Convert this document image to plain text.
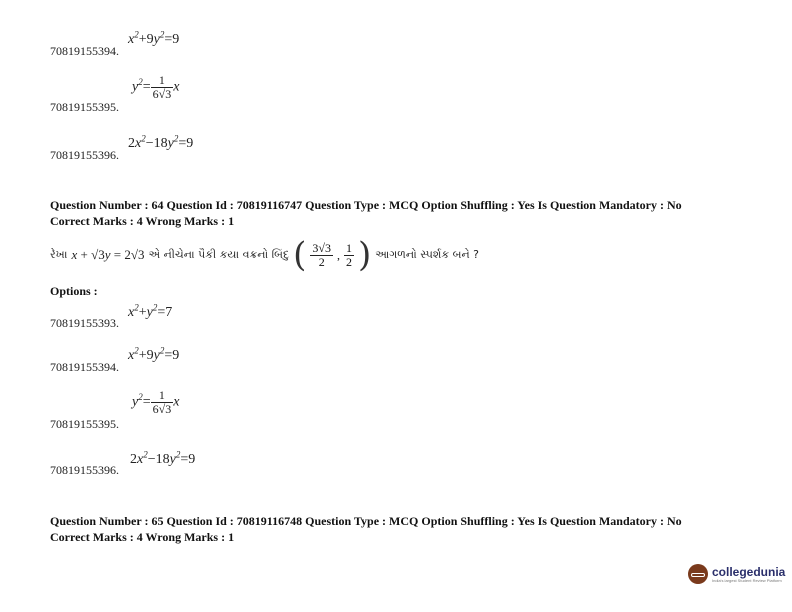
$x^2+9y^2=9$
70819155394.
$y^2= \frac{1}{6√3}$ x
70819155395.
$2x^2-18y^2=9$
70819155396.
Question Number : 64 Question Id : 70819116747 Question Type : MCQ Option Shuffling : Yes Is Question Mandatory : No
Correct Marks : 4 Wrong Marks : 1
રેખા x + √3y = 2√3 એ નીચેના પૈકી કયા વક્રનો બિંદુ ( $\frac{3√3}{2}$ , $\frac{1}{2}$ ) આગળનો સ્પર્શક બને ?
Options :
$x^2+y^2=7$
70819155393.
$x^2+9y^2=9$
70819155394.
$y^2= \frac{1}{6√3}$ x
70819155395.
$2x^2-18y^2=9$
70819155396.
Question Number : 65 Question Id : 70819116748 Question Type : MCQ Option Shuffling : Yes Is Question Mandatory : No
Correct Marks : 4 Wrong Marks : 1
collegedunia
India's largest Student Review Platform
